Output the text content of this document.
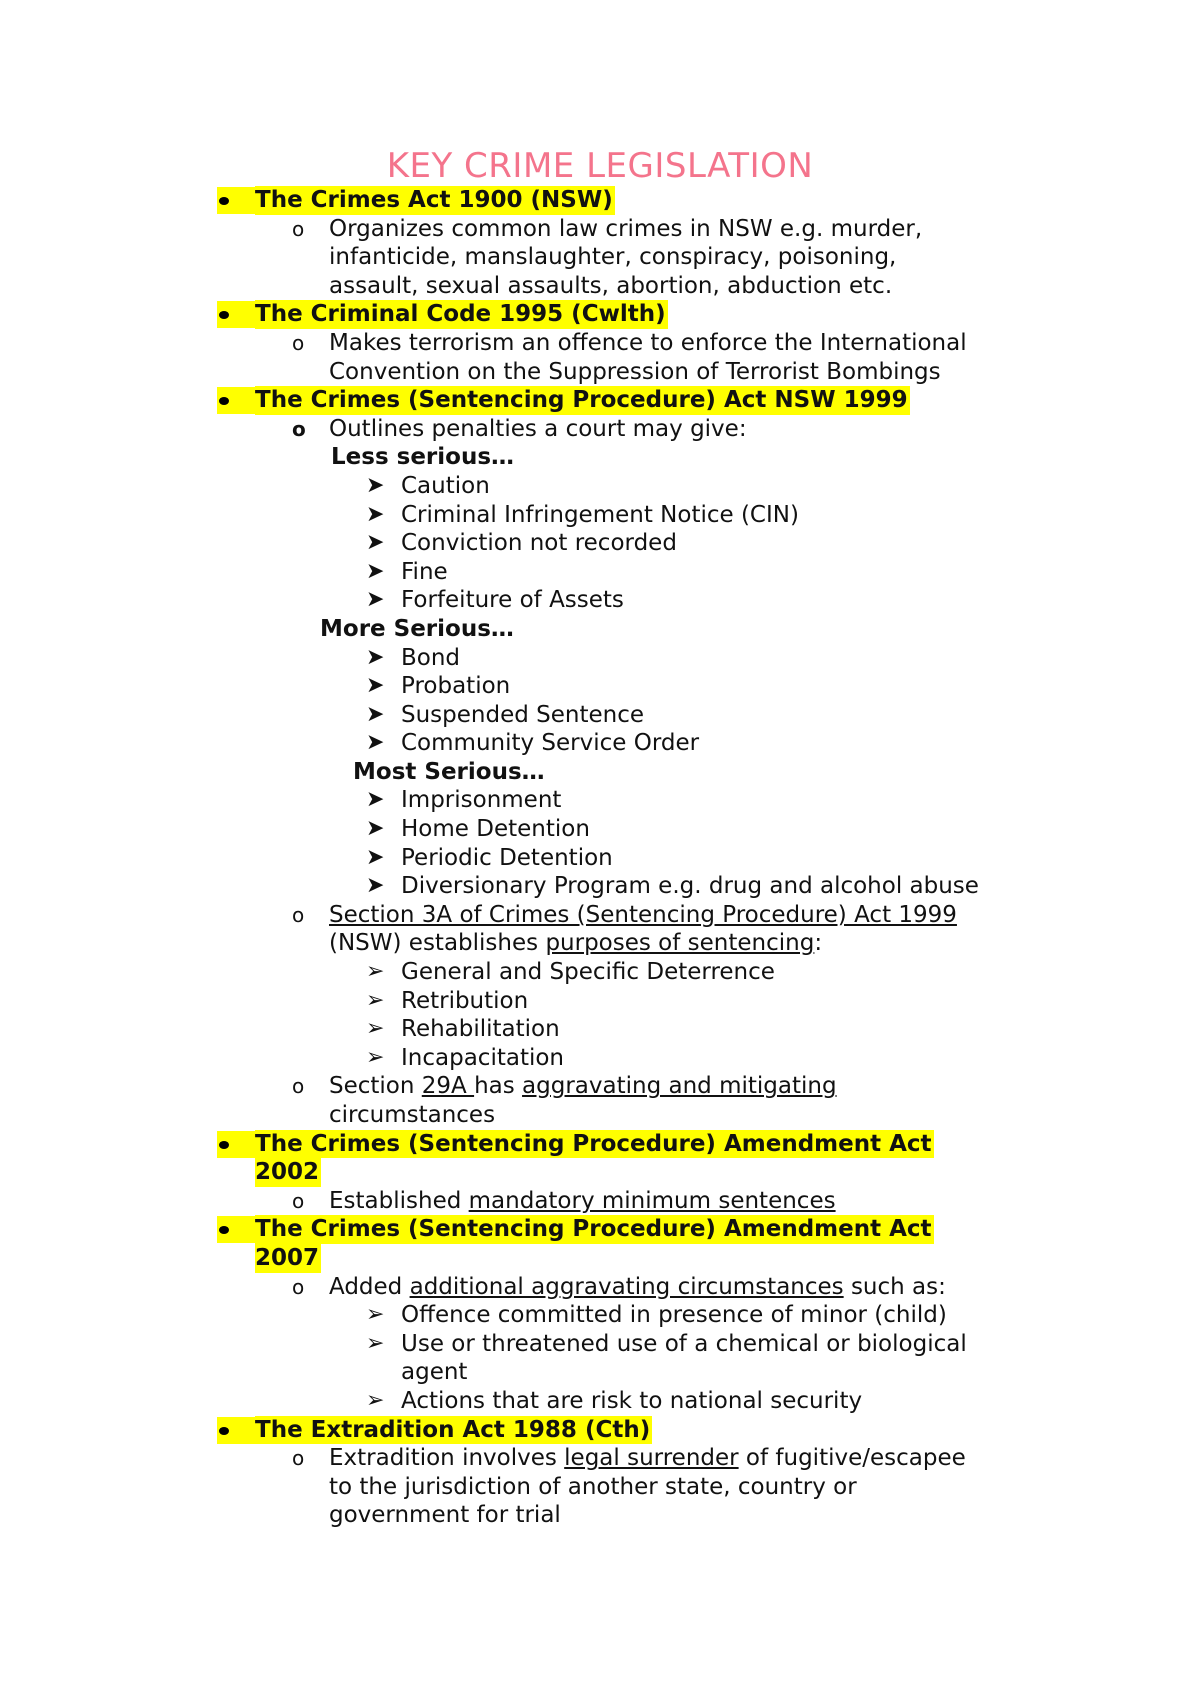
KEY CRIME LEGISLATION
The Crimes Act 1900 (NSW)
o Organizes common law crimes in NSW e.g. murder,
infanticide, manslaughter, conspiracy, poisoning,
assault, sexual assaults, abortion, abduction etc.
The Criminal Code 1995 (Cwlth)
o Makes terrorism an offence to enforce the International
Convention on the Suppression of Terrorist Bombings
The Crimes (Sentencing Procedure) Act NSW 1999
o Outlines penalties a court may give:
Less serious…
➤ Caution
➤ Criminal Infringement Notice (CIN)
➤ Conviction not recorded
➤ Fine
➤ Forfeiture of Assets
More Serious…
➤ Bond
➤ Probation
➤ Suspended Sentence
➤ Community Service Order
Most Serious…
➤ Imprisonment
➤ Home Detention
➤ Periodic Detention
➤ Diversionary Program e.g. drug and alcohol abuse
o Section 3A of Crimes (Sentencing Procedure) Act 1999
(NSW) establishes purposes of sentencing:
➢ General and Specific Deterrence
➢ Retribution
➢ Rehabilitation
➢ Incapacitation
o Section 29A has aggravating and mitigating
circumstances
The Crimes (Sentencing Procedure) Amendment Act
2002
o Established mandatory minimum sentences
The Crimes (Sentencing Procedure) Amendment Act
2007
o Added additional aggravating circumstances such as:
➢ Offence committed in presence of minor (child)
➢ Use or threatened use of a chemical or biological
agent
➢ Actions that are risk to national security
The Extradition Act 1988 (Cth)
o Extradition involves legal surrender of fugitive/escapee
to the jurisdiction of another state, country or
government for trial
